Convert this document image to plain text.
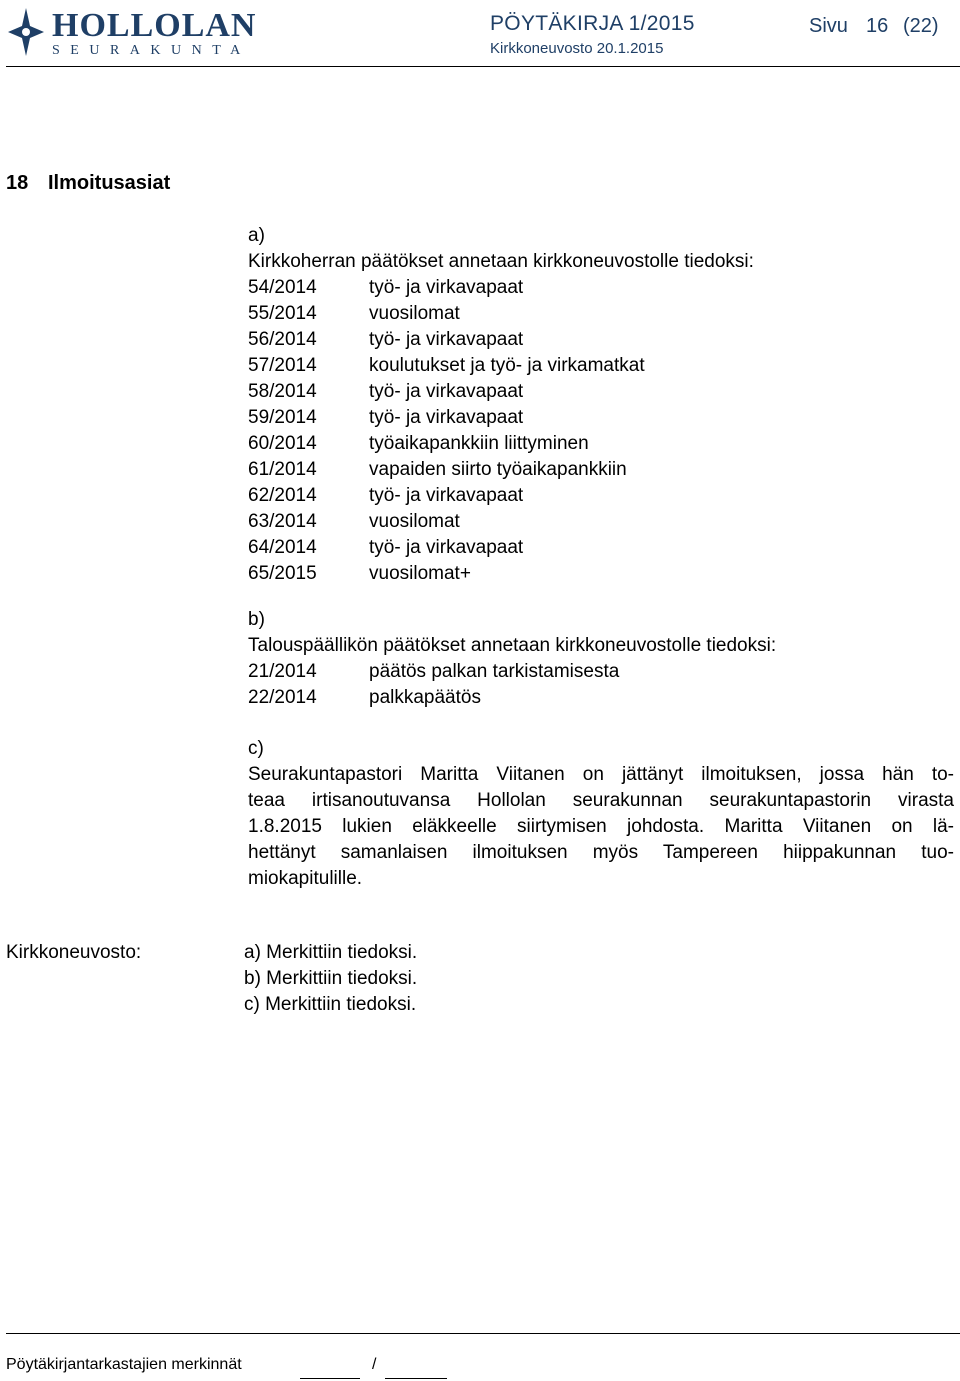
HOLLOLAN
SEURAKUNTA
PÖYTÄKIRJA 1/2015
Kirkkoneuvosto 20.1.2015
Sivu 16 (22)
18 Ilmoitusasiat
a)
Kirkkoherran päätökset annetaan kirkkoneuvostolle tiedoksi:
54/2014	työ- ja virkavapaat
55/2014	vuosilomat
56/2014	työ- ja virkavapaat
57/2014	koulutukset ja työ- ja virkamatkat
58/2014	työ- ja virkavapaat
59/2014	työ- ja virkavapaat
60/2014	työaikapankkiin liittyminen
61/2014	vapaiden siirto työaikapankkiin
62/2014	työ- ja virkavapaat
63/2014	vuosilomat
64/2014	työ- ja virkavapaat
65/2015	vuosilomat+
b)
Talouspäällikön päätökset annetaan kirkkoneuvostolle tiedoksi:
21/2014	päätös palkan tarkistamisesta
22/2014	palkkapäätös
c)
Seurakuntapastori Maritta Viitanen on jättänyt ilmoituksen, jossa hän to-
teaa irtisanoutuvansa Hollolan seurakunnan seurakuntapastorin virasta
1.8.2015 lukien eläkkeelle siirtymisen johdosta. Maritta Viitanen on lä-
hettänyt samanlaisen ilmoituksen myös Tampereen hiippakunnan tuo-
miokapitulille.
Kirkkoneuvosto:	a) Merkittiin tiedoksi.
b) Merkittiin tiedoksi.
c) Merkittiin tiedoksi.
Pöytäkirjantarkastajien merkinnät	/
